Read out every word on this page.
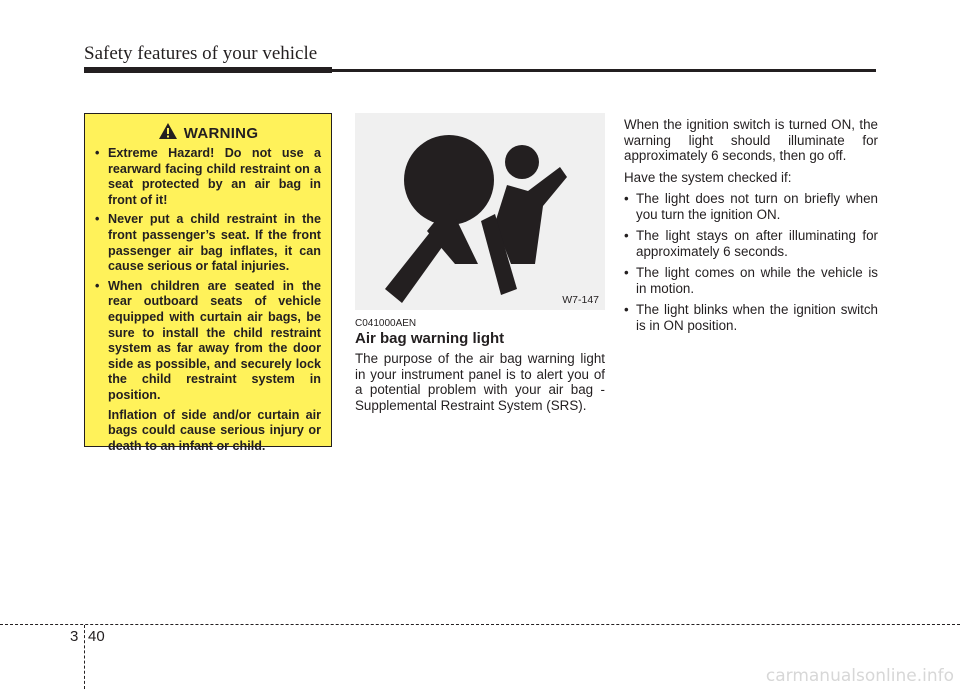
Safety features of your vehicle
WARNING
• Extreme Hazard! Do not use a rearward facing child restraint on a seat protected by an air bag in front of it!
• Never put a child restraint in the front passenger’s seat. If the front passenger air bag inflates, it can cause serious or fatal injuries.
• When children are seated in the rear outboard seats of vehicle equipped with curtain air bags, be sure to install the child restraint system as far away from the door side as possible, and securely lock the child restraint system in position.

Inflation of side and/or curtain air bags could cause serious injury or death to an infant or child.

W7-147
C041000AEN
Air bag warning light

The purpose of the air bag warning light in your instrument panel is to alert you of a potential problem with your air bag - Supplemental Restraint System (SRS).

When the ignition switch is turned ON, the warning light should illuminate for approximately 6 seconds, then go off.

Have the system checked if:

• The light does not turn on briefly when you turn the ignition ON.
• The light stays on after illuminating for approximately 6 seconds.
• The light comes on while the vehicle is in motion.
• The light blinks when the ignition switch is in ON position.
3 40
carmanualsonline.info
